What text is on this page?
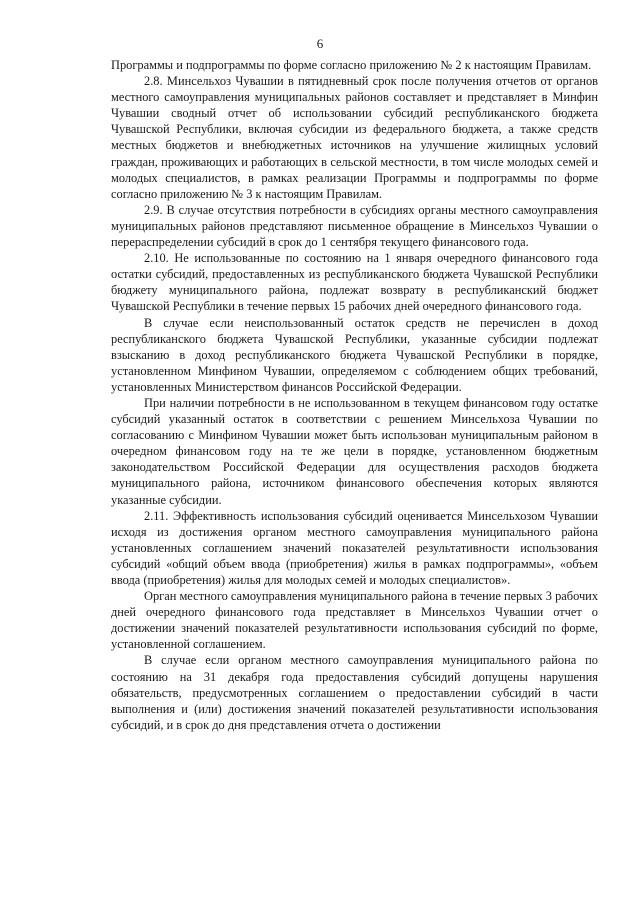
6

Программы и подпрограммы по форме согласно приложению № 2 к настоящим Правилам.

2.8. Минсельхоз Чувашии в пятидневный срок после получения отчетов от органов местного самоуправления муниципальных районов составляет и представляет в Минфин Чувашии сводный отчет об использовании субсидий республиканского бюджета Чувашской Республики, включая субсидии из федерального бюджета, а также средств местных бюджетов и внебюджетных источников на улучшение жилищных условий граждан, проживающих и работающих в сельской местности, в том числе молодых семей и молодых специалистов, в рамках реализации Программы и подпрограммы по форме согласно приложению № 3 к настоящим Правилам.

2.9. В случае отсутствия потребности в субсидиях органы местного самоуправления муниципальных районов представляют письменное обращение в Минсельхоз Чувашии о перераспределении субсидий в срок до 1 сентября текущего финансового года.

2.10. Не использованные по состоянию на 1 января очередного финансового года остатки субсидий, предоставленных из республиканского бюджета Чувашской Республики бюджету муниципального района, подлежат возврату в республиканский бюджет Чувашской Республики в течение первых 15 рабочих дней очередного финансового года.

В случае если неиспользованный остаток средств не перечислен в доход республиканского бюджета Чувашской Республики, указанные субсидии подлежат взысканию в доход республиканского бюджета Чувашской Республики в порядке, установленном Минфином Чувашии, определяемом с соблюдением общих требований, установленных Министерством финансов Российской Федерации.

При наличии потребности в не использованном в текущем финансовом году остатке субсидий указанный остаток в соответствии с решением Минсельхоза Чувашии по согласованию с Минфином Чувашии может быть использован муниципальным районом в очередном финансовом году на те же цели в порядке, установленном бюджетным законодательством Российской Федерации для осуществления расходов бюджета муниципального района, источником финансового обеспечения которых являются указанные субсидии.

2.11. Эффективность использования субсидий оценивается Минсельхозом Чувашии исходя из достижения органом местного самоуправления муниципального района установленных соглашением значений показателей результативности использования субсидий «общий объем ввода (приобретения) жилья в рамках подпрограммы», «объем ввода (приобретения) жилья для молодых семей и молодых специалистов».

Орган местного самоуправления муниципального района в течение первых 3 рабочих дней очередного финансового года представляет в Минсельхоз Чувашии отчет о достижении значений показателей результативности использования субсидий по форме, установленной соглашением.

В случае если органом местного самоуправления муниципального района по состоянию на 31 декабря года предоставления субсидий допущены нарушения обязательств, предусмотренных соглашением о предоставлении субсидий в части выполнения и (или) достижения значений показателей результативности использования субсидий, и в срок до дня представления отчета о достижении
